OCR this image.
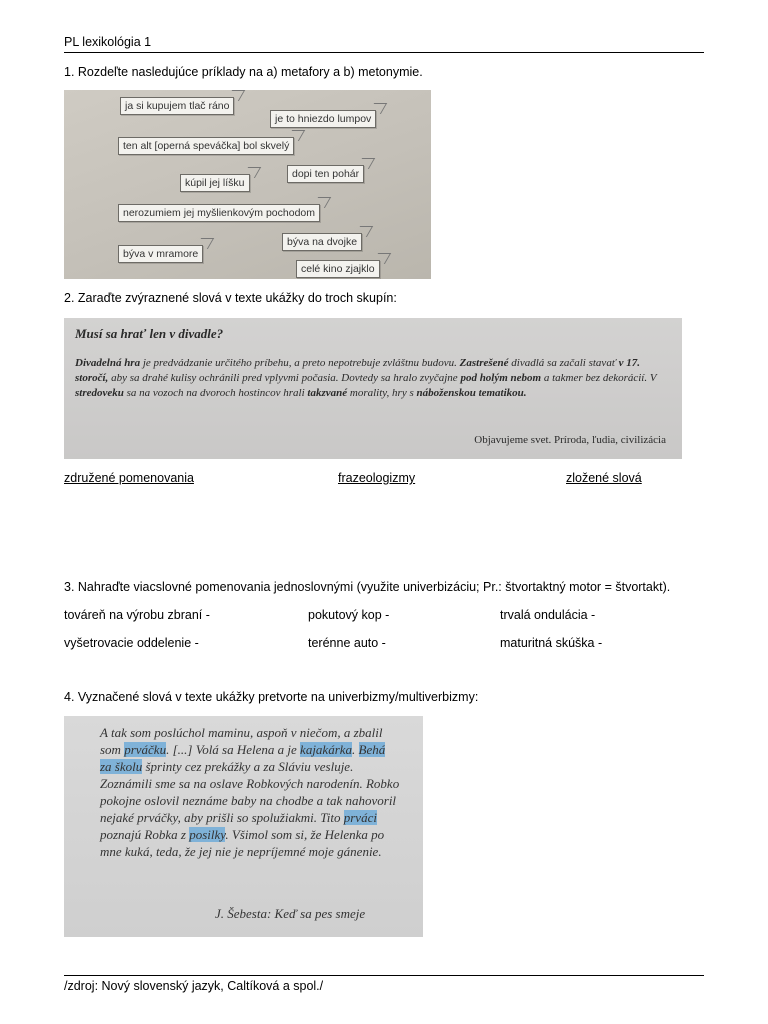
PL lexikológia 1
1. Rozdeľte nasledujúce príklady na a) metafory a b) metonymie.
ja si kupujem tlač ráno
je to hniezdo lumpov
ten alt [operná speváčka] bol skvelý
dopi ten pohár
kúpil jej líšku
nerozumiem jej myšlienkovým pochodom
býva na dvojke
býva v mramore
celé kino zjajklo
2. Zaraďte zvýraznené slová v texte ukážky do troch skupín:
Musí sa hrať len v divadle?
Divadelná hra je predvádzanie určitého príbehu, a preto nepotrebuje zvláštnu budovu. Zastrešené divadlá sa začali stavať v 17. storočí, aby sa drahé kulisy ochránili pred vplyvmi počasia. Dovtedy sa hralo zvyčajne pod holým nebom a takmer bez dekorácií. V stredoveku sa na vozoch na dvoroch hostincov hrali takzvané morality, hry s náboženskou tematikou.
Objavujeme svet. Príroda, ľudia, civilizácia
združené pomenovania	frazeologizmy	zložené slová
3. Nahraďte viacslovné pomenovania jednoslovnými (využite univerbizáciu; Pr.: štvortaktný motor = štvortakt).
továreň na výrobu zbraní -	pokutový kop -	trvalá ondulácia -
vyšetrovacie oddelenie -	terénne auto -	maturitná skúška -
4. Vyznačené slová v texte ukážky pretvorte na univerbizmy/multiverbizmy:
A tak som poslúchol maminu, aspoň v niečom, a zbalil som prváčku. [...] Volá sa Helena a je kajakárka. Behá za školu šprinty cez prekážky a za Sláviu vesluje. Zoznámili sme sa na oslave Robkových narodenín. Robko pokojne oslovil neznáme baby na chodbe a tak nahovoril nejaké prváčky, aby prišli so spolužiakmi. Tito prváci poznajú Robka z posilky. Všimol som si, že Helenka po mne kuká, teda, že jej nie je nepríjemné moje gánenie.
J. Šebesta: Keď sa pes smeje
/zdroj: Nový slovenský jazyk, Caltíková a spol./
